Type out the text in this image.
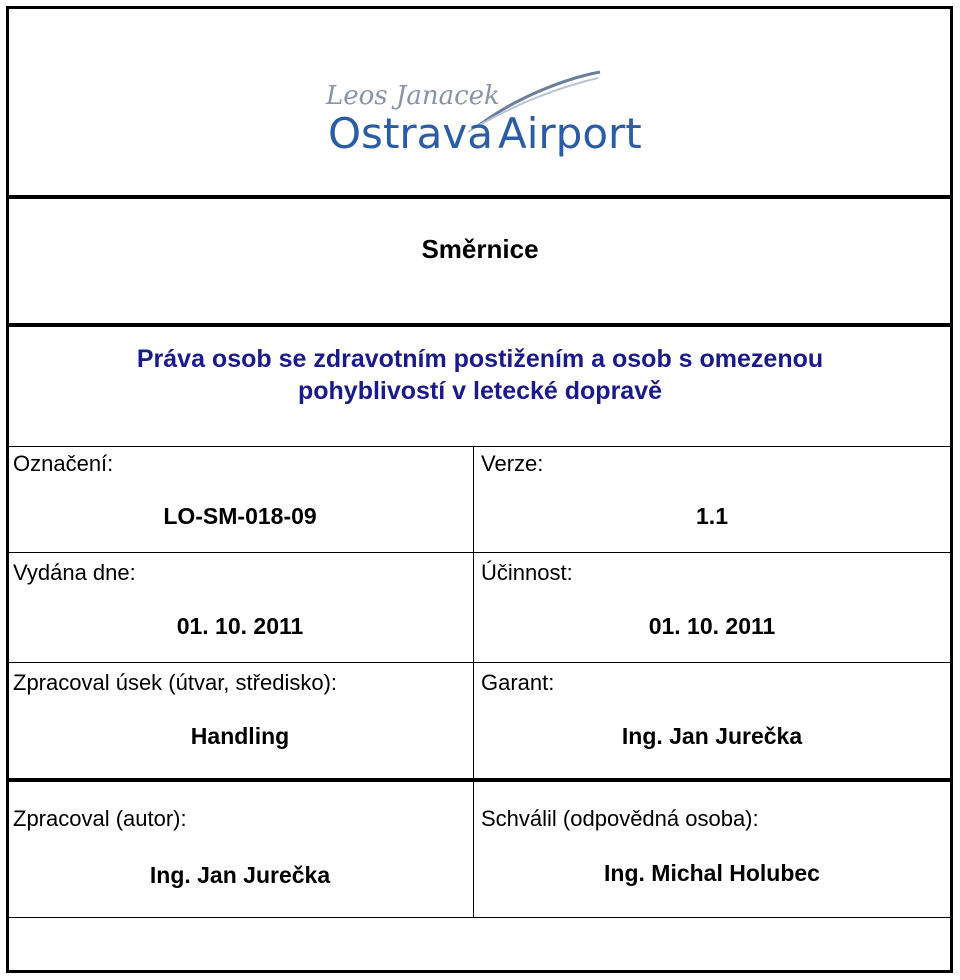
Leos Janacek
Ostrava Airport
Směrnice
Práva osob se zdravotním postižením a osob s omezenou
pohyblivostí v letecké dopravě
Označení:
LO-SM-018-09
Verze:
1.1
Vydána dne:
01. 10. 2011
Účinnost:
01. 10. 2011
Zpracoval úsek (útvar, středisko):
Handling
Garant:
Ing. Jan Jurečka
Zpracoval (autor):
Ing. Jan Jurečka
Schválil (odpovědná osoba):
Ing. Michal Holubec
